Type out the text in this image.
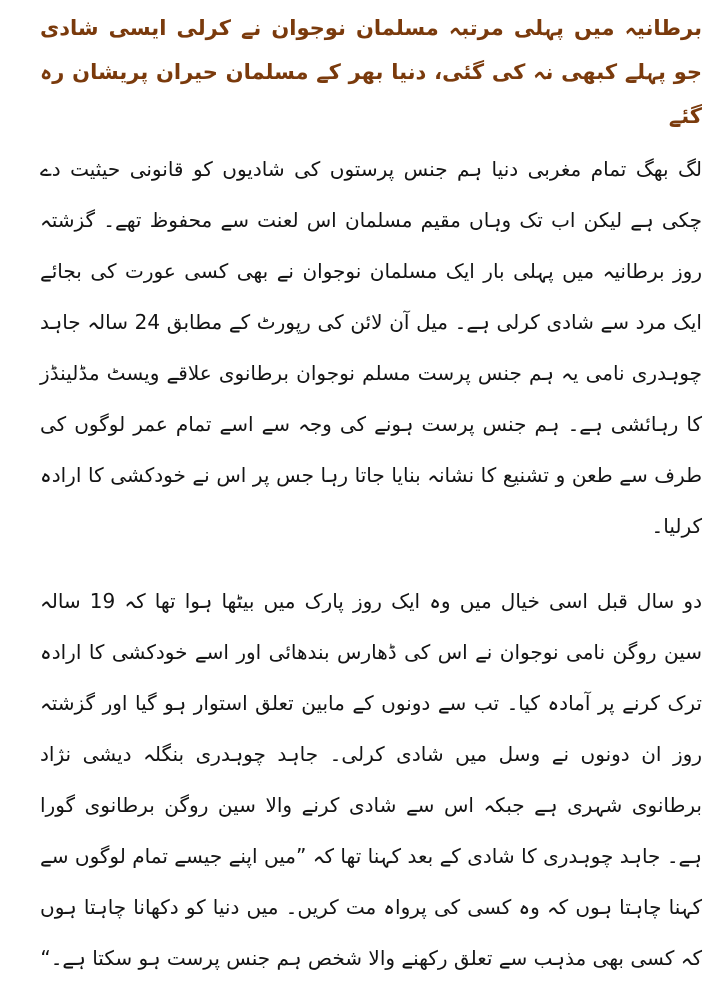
برطانیہ میں پہلی مرتبہ مسلمان نوجوان نے کرلی ایسی شادی جو پہلے کبھی نہ کی گئی، دنیا بھر کے مسلمان حیران پریشان رہ گئے

لگ بھگ تمام مغربی دنیا ہم جنس پرستوں کی شادیوں کو قانونی حیثیت دے چکی ہے لیکن اب تک وہاں مقیم مسلمان اس لعنت سے محفوظ تھے۔ گزشتہ روز برطانیہ میں پہلی بار ایک مسلمان نوجوان نے بھی کسی عورت کی بجائے ایک مرد سے شادی کرلی ہے۔ میل آن لائن کی رپورٹ کے مطابق 24 سالہ جاہد چوہدری نامی یہ ہم جنس پرست مسلم نوجوان برطانوی علاقے ویسٹ مڈلینڈز کا رہائشی ہے۔ ہم جنس پرست ہونے کی وجہ سے اسے تمام عمر لوگوں کی طرف سے طعن و تشنیع کا نشانہ بنایا جاتا رہا جس پر اس نے خودکشی کا ارادہ کرلیا۔

دو سال قبل اسی خیال میں وہ ایک روز پارک میں بیٹھا ہوا تھا کہ 19 سالہ سین روگن نامی نوجوان نے اس کی ڈھارس بندھائی اور اسے خودکشی کا ارادہ ترک کرنے پر آمادہ کیا۔ تب سے دونوں کے مابین تعلق استوار ہو گیا اور گزشتہ روز ان دونوں نے وسل میں شادی کرلی۔ جاہد چوہدری بنگلہ دیشی نژاد برطانوی شہری ہے جبکہ اس سے شادی کرنے والا سین روگن برطانوی گورا ہے۔ جاہد چوہدری کا شادی کے بعد کہنا تھا کہ ”میں اپنے جیسے تمام لوگوں سے کہنا چاہتا ہوں کہ وہ کسی کی پرواہ مت کریں۔ میں دنیا کو دکھانا چاہتا ہوں کہ کسی بھی مذہب سے تعلق رکھنے والا شخص ہم جنس پرست ہو سکتا ہے۔“
